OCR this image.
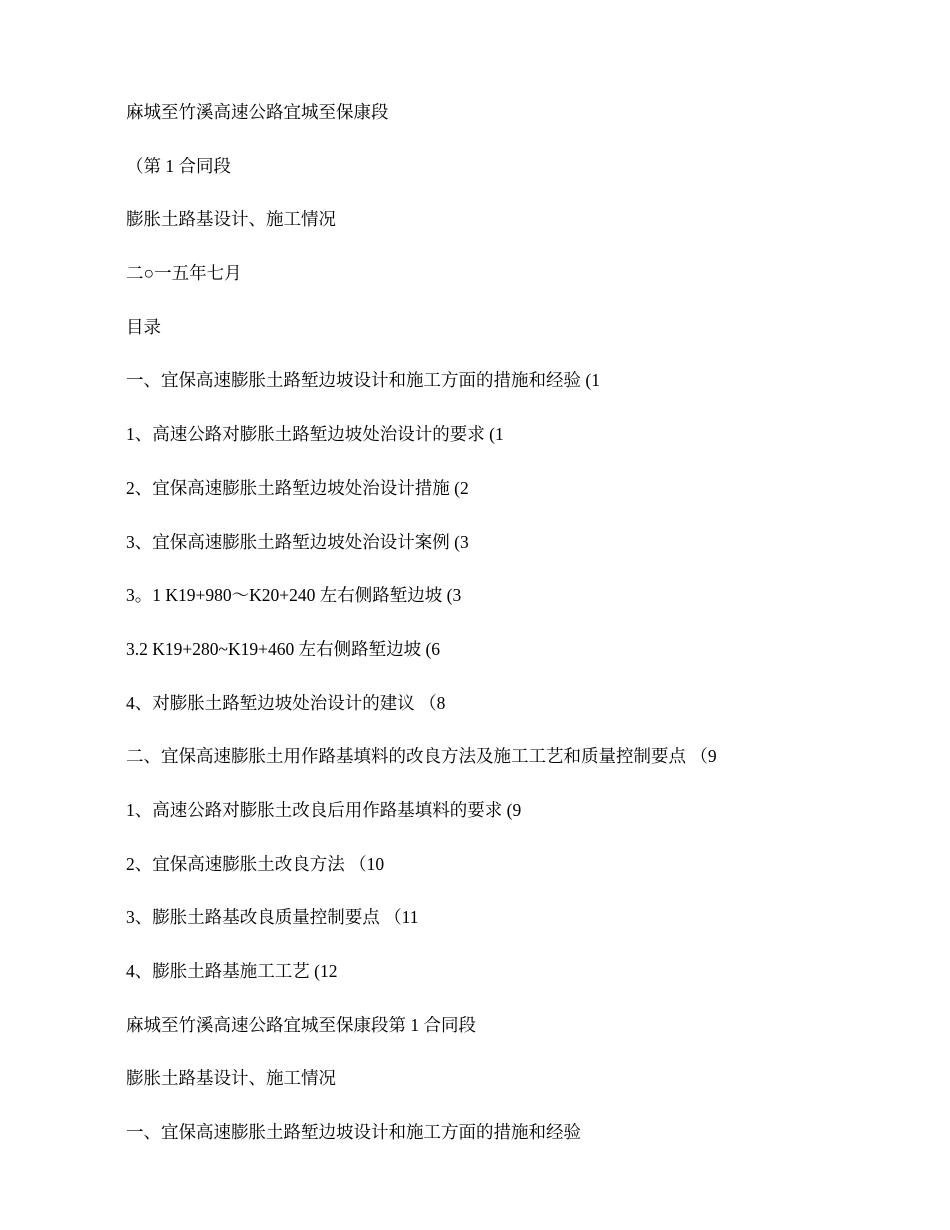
麻城至竹溪高速公路宜城至保康段

（第 1 合同段

膨胀土路基设计、施工情况

二○一五年七月

目录

一、宜保高速膨胀土路堑边坡设计和施工方面的措施和经验 (1

1、高速公路对膨胀土路堑边坡处治设计的要求 (1

2、宜保高速膨胀土路堑边坡处治设计措施 (2

3、宜保高速膨胀土路堑边坡处治设计案例 (3

3。1 K19+980～K20+240 左右侧路堑边坡 (3

3.2 K19+280~K19+460 左右侧路堑边坡 (6

4、对膨胀土路堑边坡处治设计的建议 （8

二、宜保高速膨胀土用作路基填料的改良方法及施工工艺和质量控制要点 （9

1、高速公路对膨胀土改良后用作路基填料的要求 (9

2、宜保高速膨胀土改良方法 （10

3、膨胀土路基改良质量控制要点 （11

4、膨胀土路基施工工艺 (12

麻城至竹溪高速公路宜城至保康段第 1 合同段

膨胀土路基设计、施工情况

一、宜保高速膨胀土路堑边坡设计和施工方面的措施和经验
